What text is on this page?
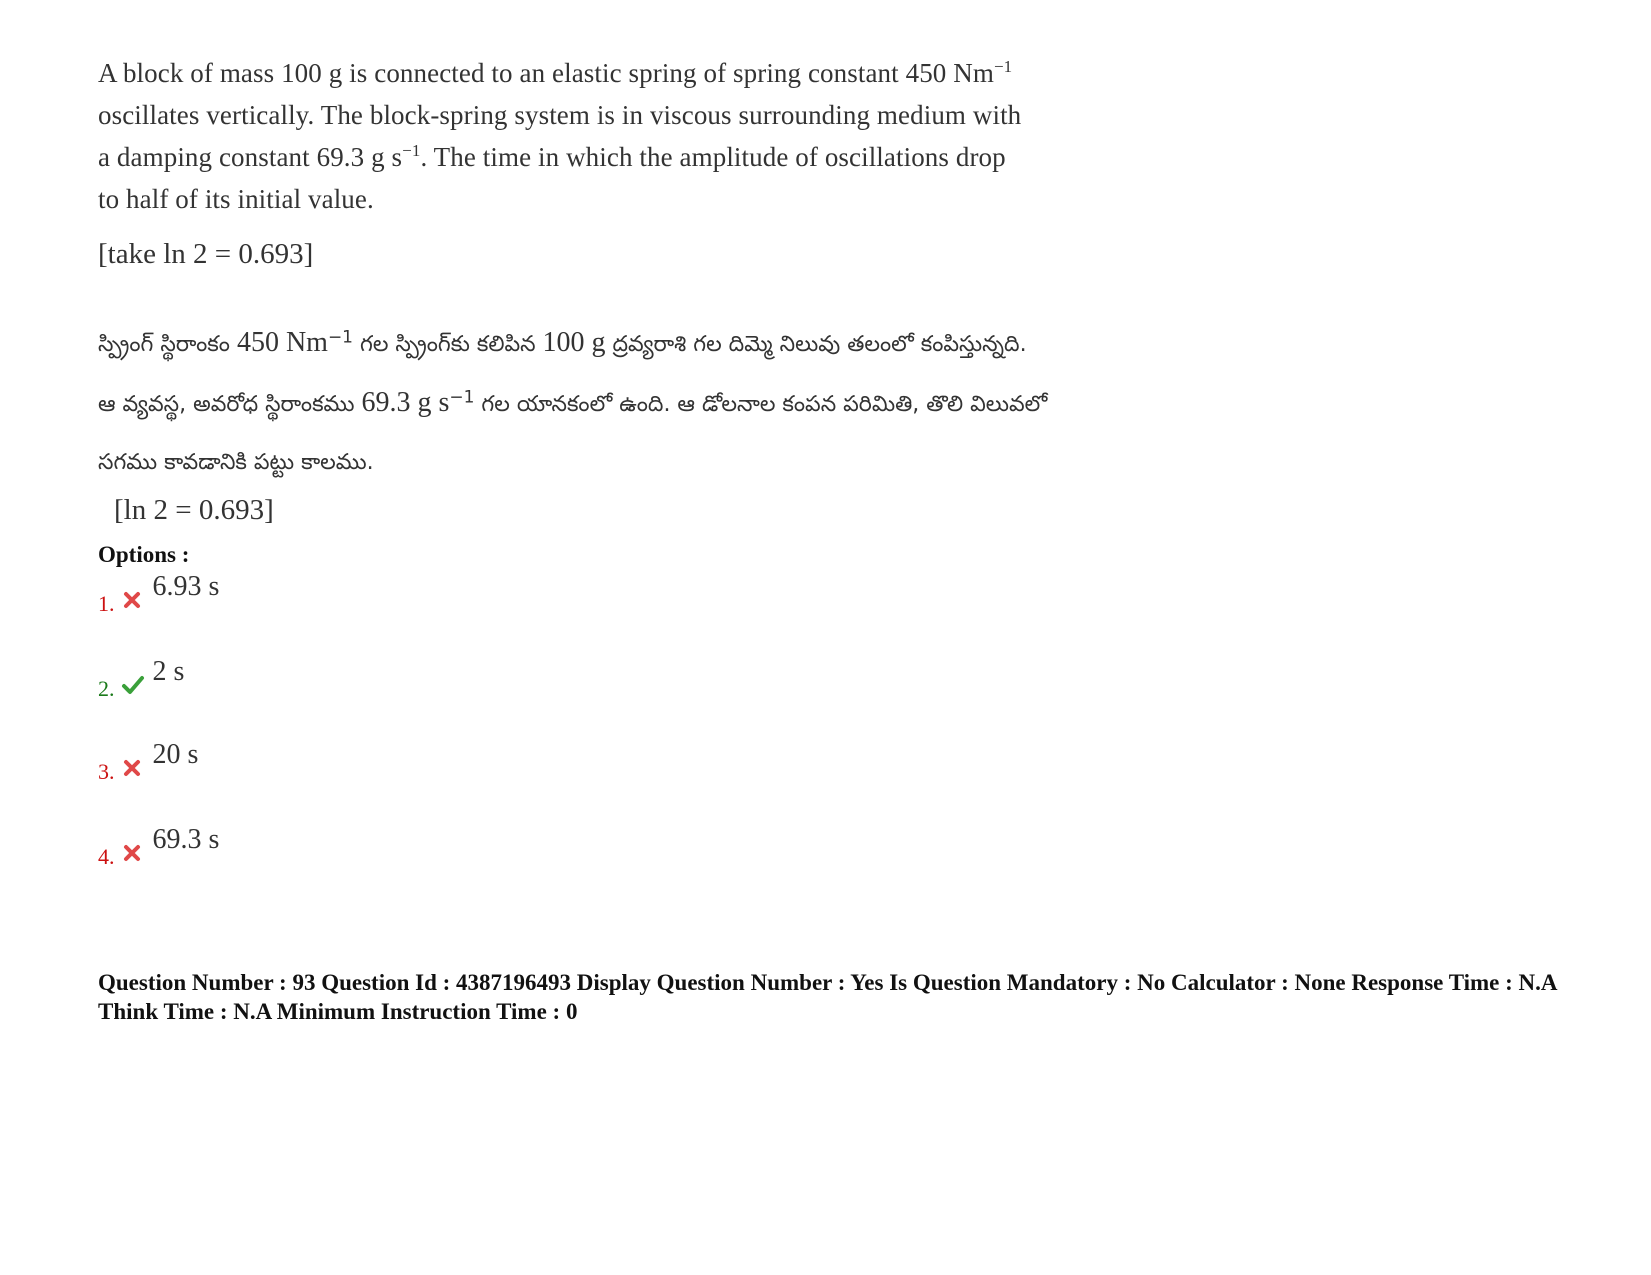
A block of mass 100 g is connected to an elastic spring of spring constant 450 $Nm^{-1}$
oscillates vertically. The block-spring system is in viscous surrounding medium with
a damping constant 69.3 g $s^{-1}$. The time in which the amplitude of oscillations drop
to half of its initial value.
[take ln 2 = 0.693]
స్ప్రింగ్ స్థిరాంకం 450 $Nm^{-1}$ గల స్ప్రింగ్‌కు కలిపిన 100 g ద్రవ్యరాశి గల దిమ్మె నిలువు తలంలో కంపిస్తున్నది.
ఆ వ్యవస్థ, అవరోధ స్థిరాంకము 69.3 g $s^{-1}$ గల యానకంలో ఉంది. ఆ డోలనాల కంపన పరిమితి, తొలి విలువలో
సగము కావడానికి పట్టు కాలము.
[ln 2 = 0.693]
Options :
1.
6.93 s
2.
2 s
3.
20 s
4.
69.3 s
Question Number : 93 Question Id : 4387196493 Display Question Number : Yes Is Question Mandatory : No Calculator : None Response Time : N.A Think Time : N.A Minimum Instruction Time : 0
